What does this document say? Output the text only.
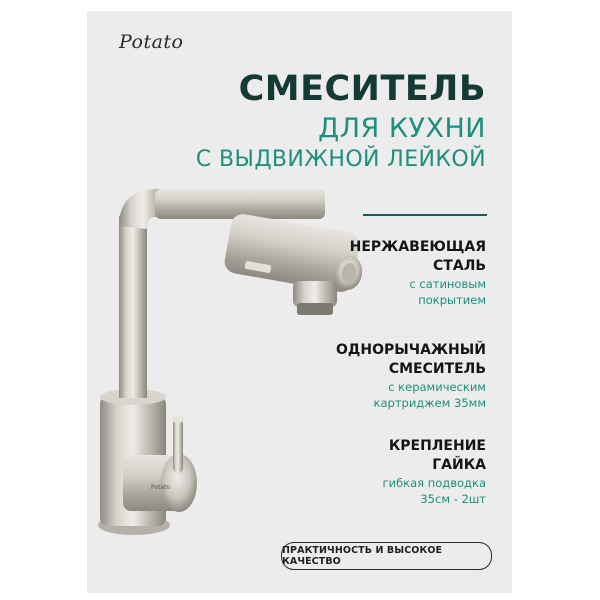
Potato
Potato
СМЕСИТЕЛЬ
ДЛЯ КУХНИ
С ВЫДВИЖНОЙ ЛЕЙКОЙ
НЕРЖАВЕЮЩАЯ
СТАЛЬ
с сатиновым
покрытием
ОДНОРЫЧАЖНЫЙ
СМЕСИТЕЛЬ
с керамическим
картриджем 35мм
КРЕПЛЕНИЕ
ГАЙКА
гибкая подводка
35см - 2шт
ПРАКТИЧНОСТЬ И ВЫСОКОЕ КАЧЕСТВО
